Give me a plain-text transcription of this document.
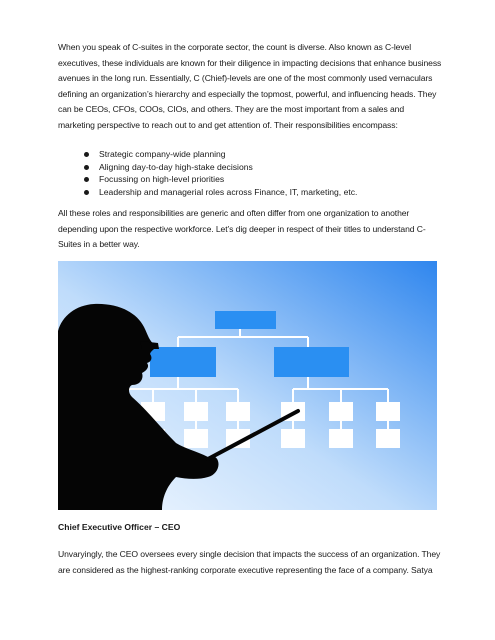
When you speak of C-suites in the corporate sector, the count is diverse. Also known as C-level executives, these individuals are known for their diligence in impacting decisions that enhance business avenues in the long run. Essentially, C (Chief)-levels are one of the most commonly used vernaculars defining an organization’s hierarchy and especially the topmost, powerful, and influencing heads. They can be CEOs, CFOs, COOs, CIOs, and others. They are the most important from a sales and marketing perspective to reach out to and get attention of. Their responsibilities encompass:
Strategic company-wide planning
Aligning day-to-day high-stake decisions
Focussing on high-level priorities
Leadership and managerial roles across Finance, IT, marketing, etc.
All these roles and responsibilities are generic and often differ from one organization to another depending upon the respective workforce. Let’s dig deeper in respect of their titles to understand C-Suites in a better way.
Chief Executive Officer – CEO
Unvaryingly, the CEO oversees every single decision that impacts the success of an organization. They are considered as the highest-ranking corporate executive representing the face of a company. Satya
